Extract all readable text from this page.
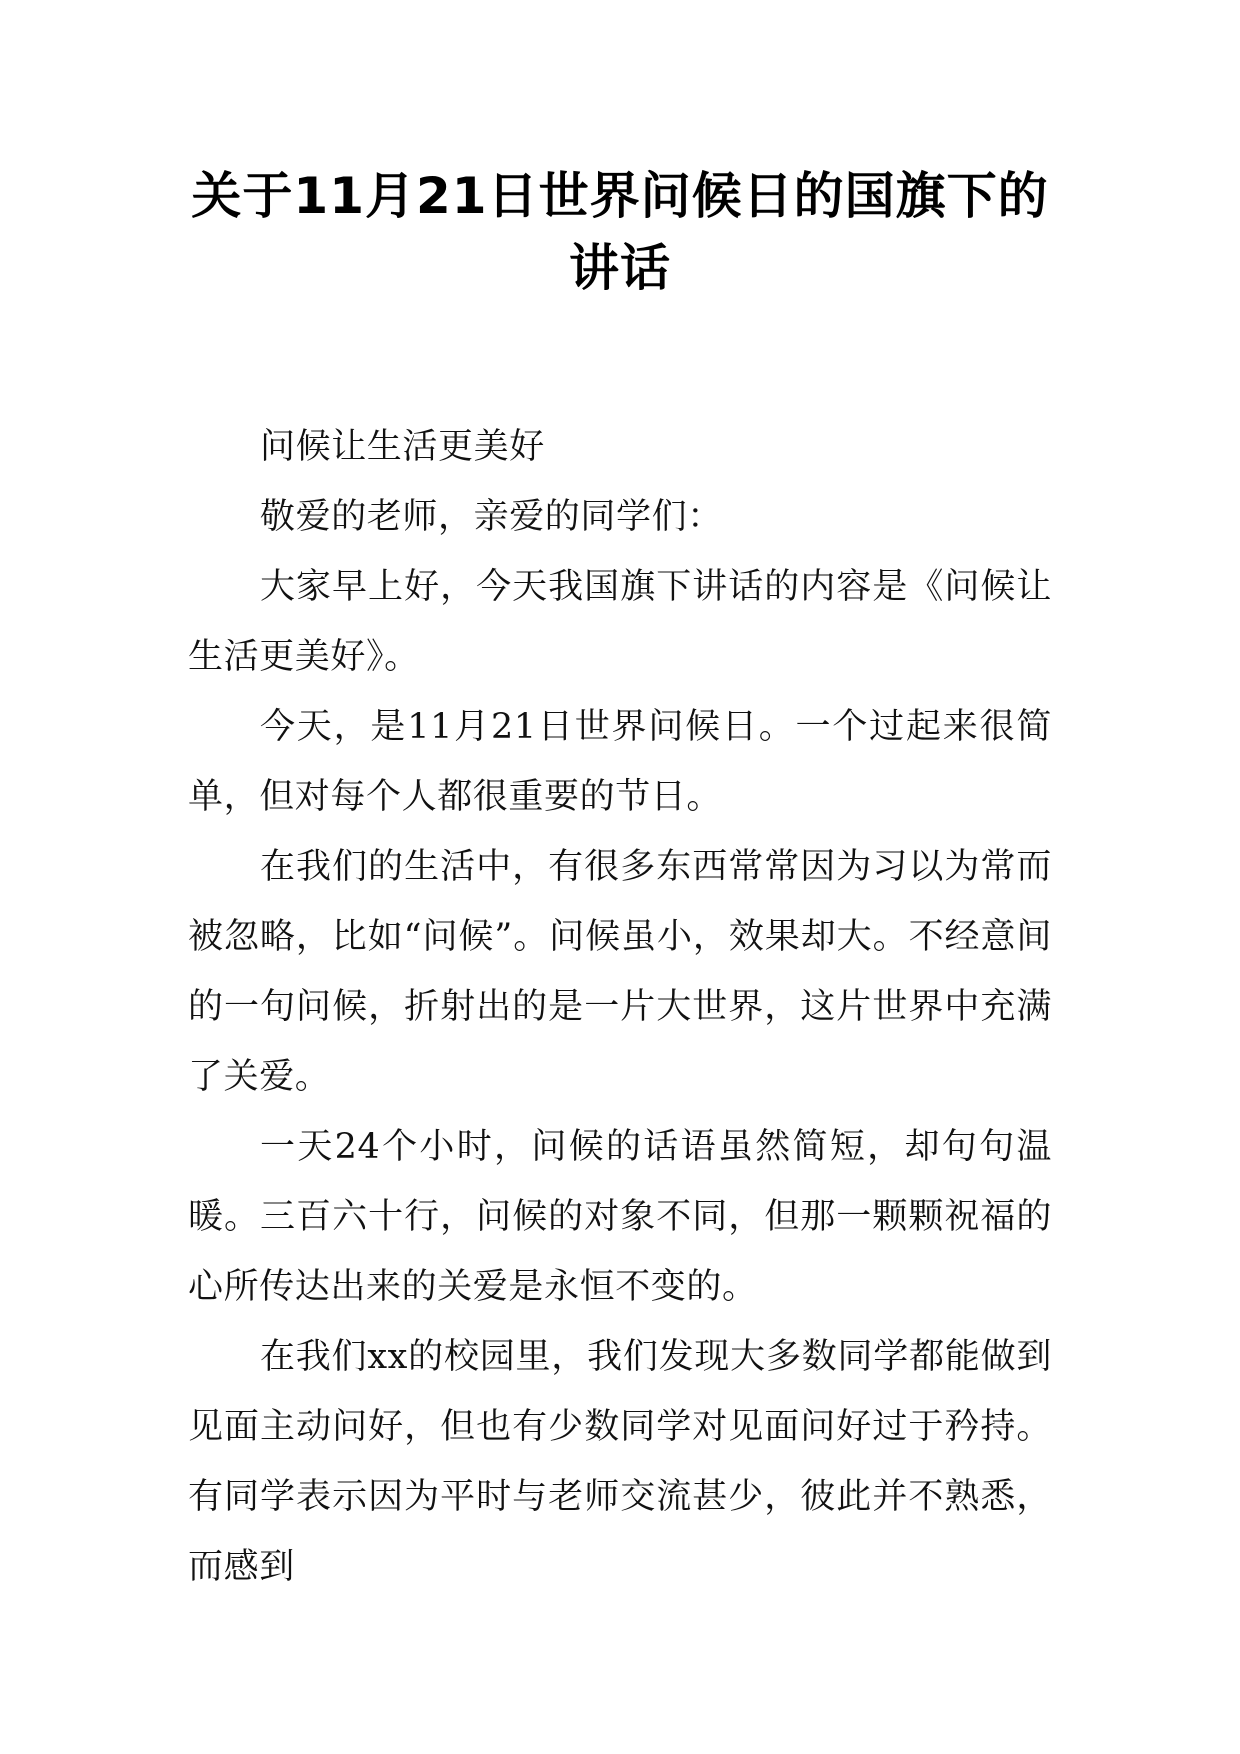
关于11月21日世界问候日的国旗下的
讲话

问候让生活更美好

敬爱的老师，亲爱的同学们：

大家早上好，今天我国旗下讲话的内容是《问候让生活更美好》。

今天，是11月21日世界问候日。一个过起来很简单，但对每个人都很重要的节日。

在我们的生活中，有很多东西常常因为习以为常而被忽略，比如“问候”。问候虽小，效果却大。不经意间的一句问候，折射出的是一片大世界，这片世界中充满了关爱。

一天24个小时，问候的话语虽然简短，却句句温暖。三百六十行，问候的对象不同，但那一颗颗祝福的心所传达出来的关爱是永恒不变的。

在我们xx的校园里，我们发现大多数同学都能做到见面主动问好，但也有少数同学对见面问好过于矜持。有同学表示因为平时与老师交流甚少，彼此并不熟悉，而感到
